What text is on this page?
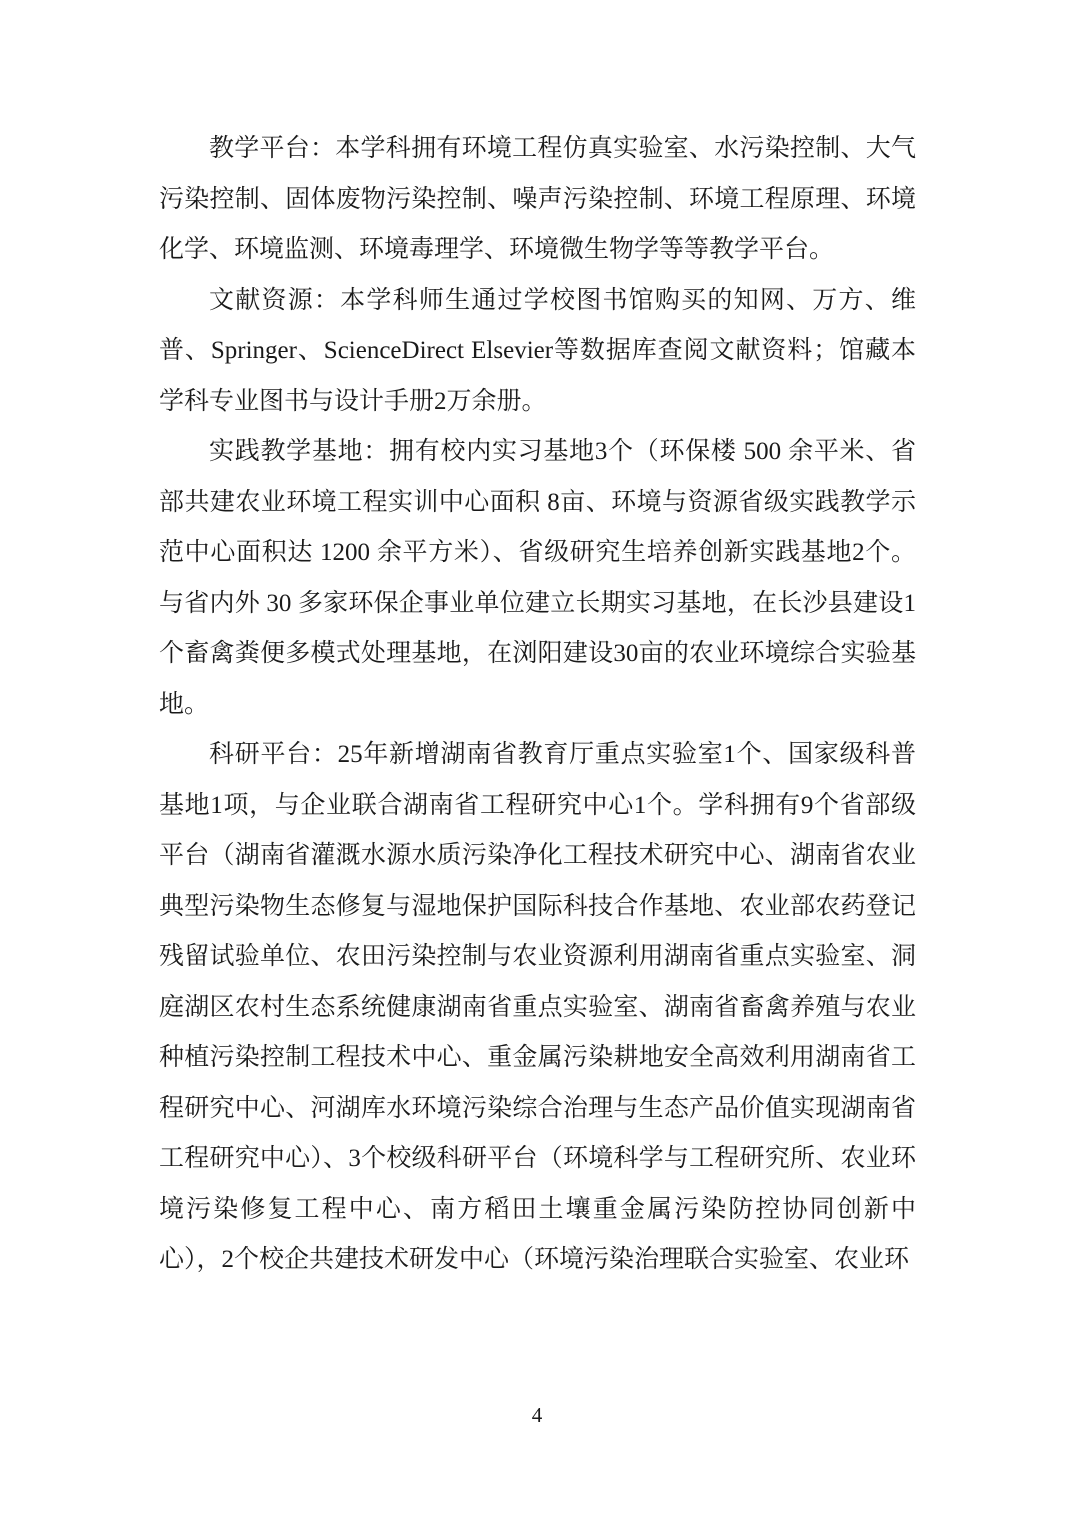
教学平台：本学科拥有环境工程仿真实验室、水污染控制、大气污染控制、固体废物污染控制、噪声污染控制、环境工程原理、环境化学、环境监测、环境毒理学、环境微生物学等等教学平台。

文献资源：本学科师生通过学校图书馆购买的知网、万方、维普、Springer、ScienceDirect Elsevier等数据库查阅文献资料；馆藏本学科专业图书与设计手册2万余册。

实践教学基地：拥有校内实习基地3个（环保楼 500 余平米、省部共建农业环境工程实训中心面积 8亩、环境与资源省级实践教学示范中心面积达 1200 余平方米）、省级研究生培养创新实践基地2个。与省内外 30 多家环保企事业单位建立长期实习基地，在长沙县建设1 个畜禽粪便多模式处理基地，在浏阳建设30亩的农业环境综合实验基地。

科研平台：25年新增湖南省教育厅重点实验室1个、国家级科普基地1项，与企业联合湖南省工程研究中心1个。学科拥有9个省部级平台（湖南省灌溉水源水质污染净化工程技术研究中心、湖南省农业典型污染物生态修复与湿地保护国际科技合作基地、农业部农药登记残留试验单位、农田污染控制与农业资源利用湖南省重点实验室、洞庭湖区农村生态系统健康湖南省重点实验室、湖南省畜禽养殖与农业种植污染控制工程技术中心、重金属污染耕地安全高效利用湖南省工程研究中心、河湖库水环境污染综合治理与生态产品价值实现湖南省工程研究中心）、3个校级科研平台（环境科学与工程研究所、农业环境污染修复工程中心、南方稻田土壤重金属污染防控协同创新中心），2个校企共建技术研发中心（环境污染治理联合实验室、农业环

4
